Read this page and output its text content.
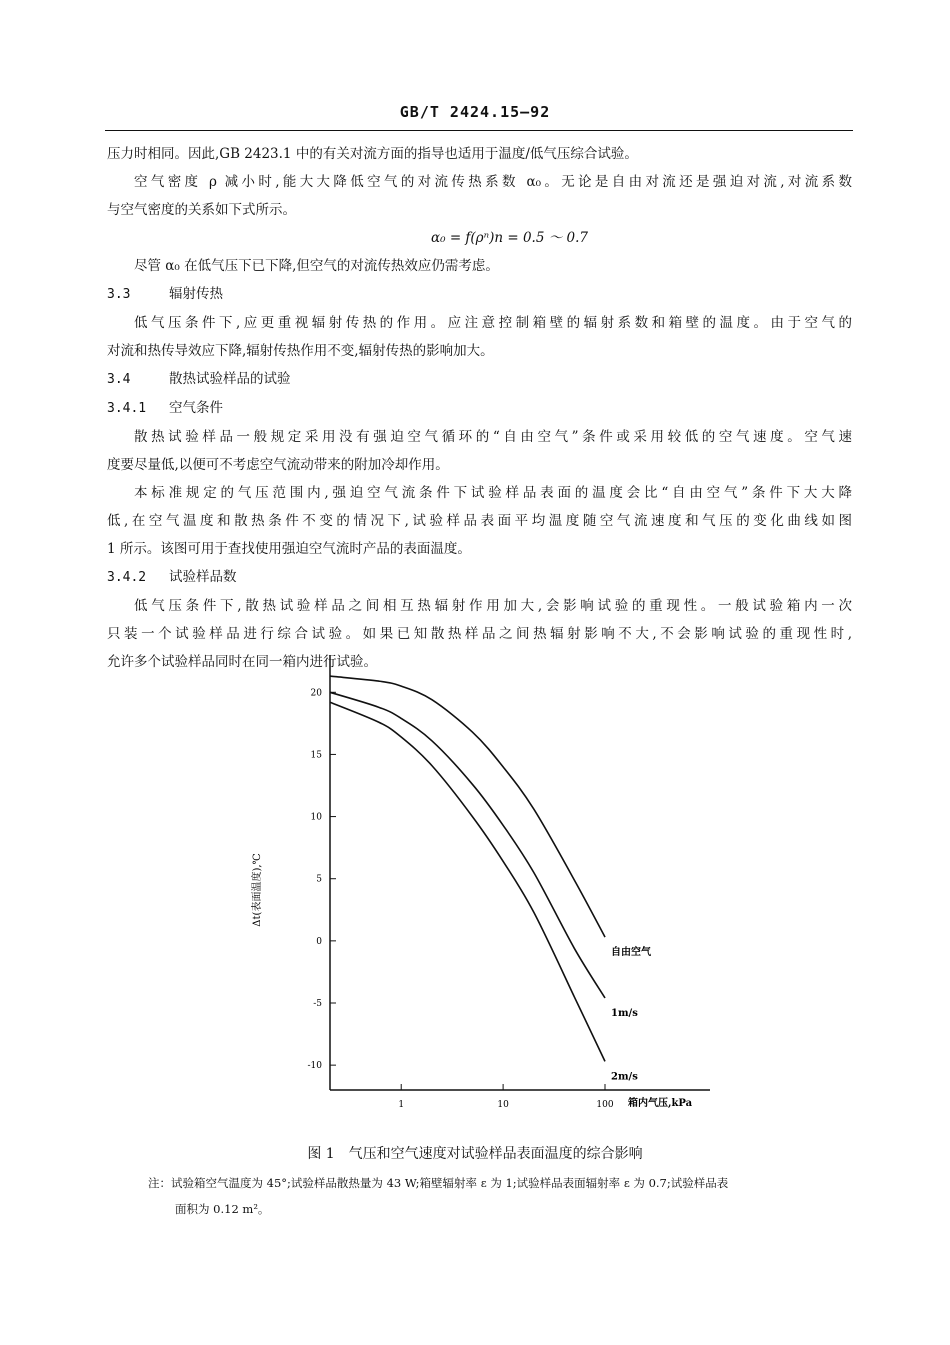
GB/T 2424.15—92

压力时相同。因此,GB 2423.1 中的有关对流方面的指导也适用于温度/低气压综合试验。

空气密度 ρ 减小时,能大大降低空气的对流传热系数 α₀。无论是自由对流还是强迫对流,对流系数

与空气密度的关系如下式所示。

α₀ = f(ρⁿ)n = 0.5 ～ 0.7

尽管 α₀ 在低气压下已下降,但空气的对流传热效应仍需考虑。

3.3	辐射传热

低气压条件下,应更重视辐射传热的作用。应注意控制箱壁的辐射系数和箱壁的温度。由于空气的

对流和热传导效应下降,辐射传热作用不变,辐射传热的影响加大。

3.4	散热试验样品的试验

3.4.1 空气条件

散热试验样品一般规定采用没有强迫空气循环的“自由空气”条件或采用较低的空气速度。空气速

度要尽量低,以便可不考虑空气流动带来的附加冷却作用。

本标准规定的气压范围内,强迫空气流条件下试验样品表面的温度会比“自由空气”条件下大大降

低,在空气温度和散热条件不变的情况下,试验样品表面平均温度随空气流速度和气压的变化曲线如图

1 所示。该图可用于查找使用强迫空气流时产品的表面温度。

3.4.2 试验样品数

低气压条件下,散热试验样品之间相互热辐射作用加大,会影响试验的重现性。一般试验箱内一次

只装一个试验样品进行综合试验。如果已知散热样品之间热辐射影响不大,不会影响试验的重现性时,

允许多个试验样品同时在同一箱内进行试验。

Δt(表面温度),℃
箱内气压,kPa
20
15
10
5
0
-5
-10
1	10	100
自由空气
1m/s
2m/s
图 1　气压和空气速度对试验样品表面温度的综合影响
注：试验箱空气温度为 45°;试验样品散热量为 43 W;箱壁辐射率 ε 为 1;试验样品表面辐射率 ε 为 0.7;试验样品表
面积为 0.12 m²。
